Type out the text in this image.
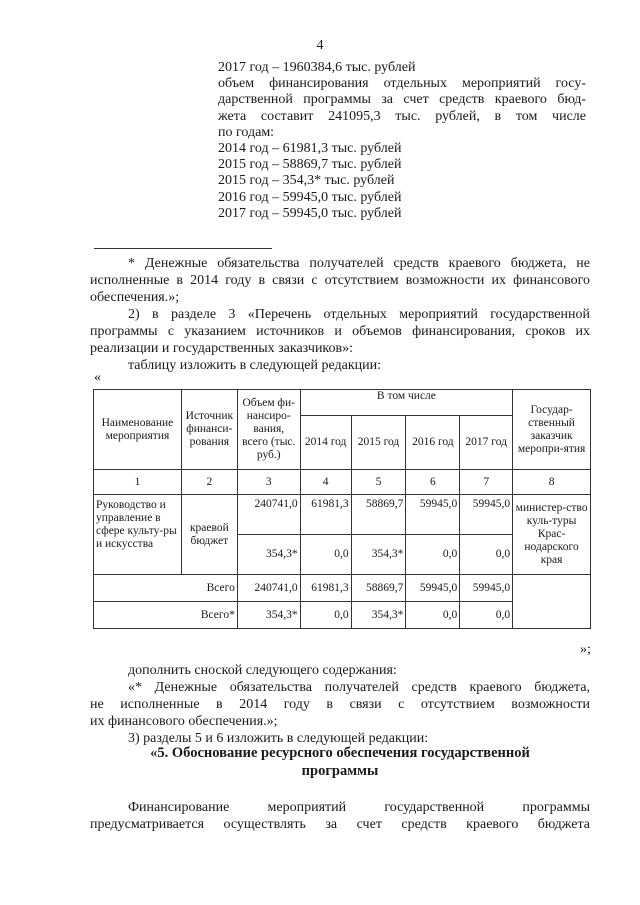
4
2017 год – 1960384,6 тыс. рублей
объем финансирования отдельных мероприятий госу-
дарственной программы за счет средств краевого бюд-
жета составит 241095,3 тыс. рублей, в том числе
по годам:
2014 год – 61981,3 тыс. рублей
2015 год – 58869,7 тыс. рублей
2015 год – 354,3* тыс. рублей
2016 год – 59945,0 тыс. рублей
2017 год – 59945,0 тыс. рублей
* Денежные обязательства получателей средств краевого бюджета, не
исполненные в 2014 году в связи с отсутствием возможности их финансового
обеспечения.»;
2) в разделе 3 «Перечень отдельных мероприятий государственной
программы с указанием источников и объемов финансирования, сроков их
реализации и государственных заказчиков»:
таблицу изложить в следующей редакции:
«
Наименование мероприятия	Источник финанси-рования	Объем фи-нансиро-вания, всего (тыс. руб.)	В том числе				Государ-ственный заказчик меропри-ятия
			2014 год	2015 год	2016 год	2017 год	
1	2	3	4	5	6	7	8
Руководство и управление в сфере культу-ры и искусства	краевой бюджет	240741,0	61981,3	58869,7	59945,0	59945,0	министер-ство куль-туры Крас-нодарского края
		354,3*	0,0	354,3*	0,0	0,0	
Всего		240741,0	61981,3	58869,7	59945,0	59945,0	
Всего*		354,3*	0,0	354,3*	0,0	0,0	
»;
дополнить сноской следующего содержания:
«* Денежные обязательства получателей средств краевого бюджета,
не исполненные в 2014 году в связи с отсутствием возможности
их финансового обеспечения.»;
3) разделы 5 и 6 изложить в следующей редакции:
«5. Обоснование ресурсного обеспечения государственной
программы
Финансирование мероприятий государственной программы
предусматривается осуществлять за счет средств краевого бюджета
